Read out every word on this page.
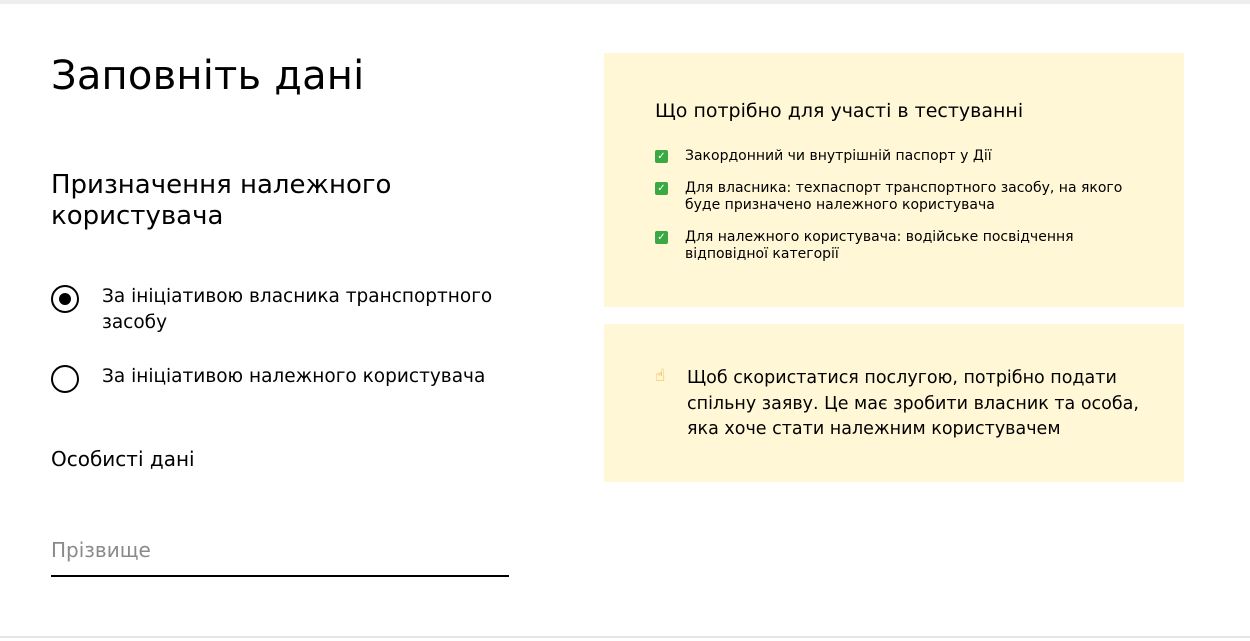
Заповніть дані
Призначення належного користувача
За ініціативою власника транспортного засобу
За ініціативою належного користувача
Особисті дані
Прізвище
Що потрібно для участі в тестуванні
✓ Закордонний чи внутрішній паспорт у Дії
✓ Для власника: техпаспорт транспортного засобу, на якого буде призначено належного користувача
✓ Для належного користувача: водійське посвідчення відповідної категорії
☝ Щоб скористатися послугою, потрібно подати спільну заяву. Це має зробити власник та особа, яка хоче стати належним користувачем
